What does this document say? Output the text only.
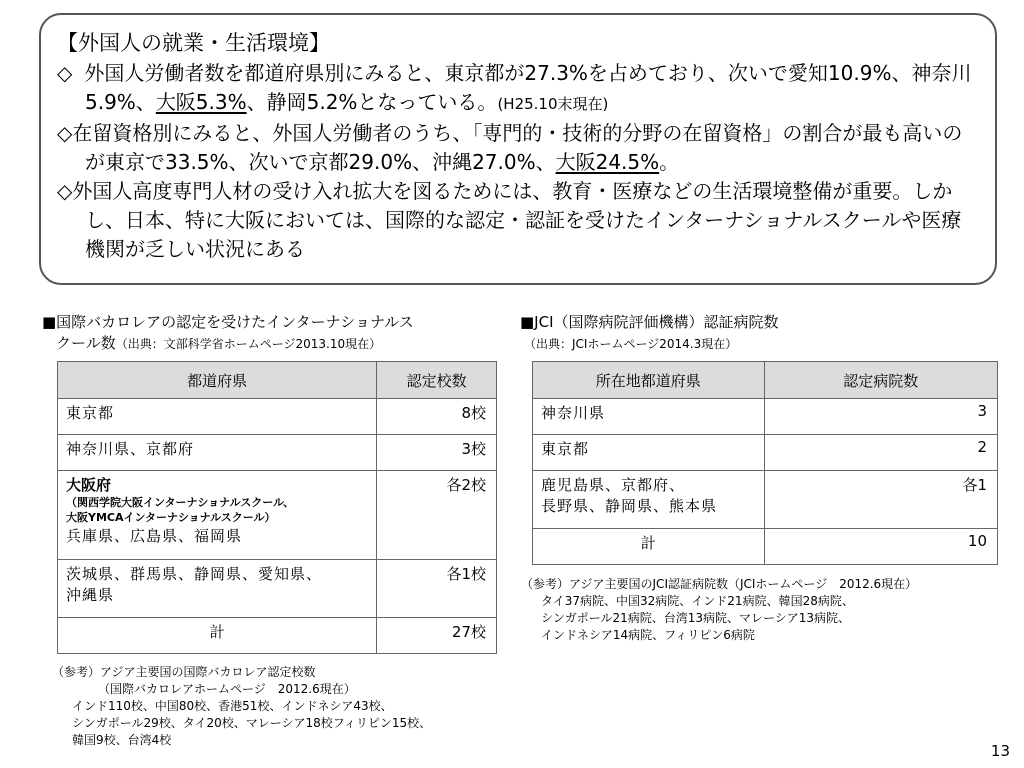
【外国人の就業・生活環境】

◇ 外国人労働者数を都道府県別にみると、東京都が27.3%を占めており、次いで愛知10.9%、神奈川5.9%、大阪5.3%、静岡5.2%となっている。(H25.10末現在)

◇在留資格別にみると、外国人労働者のうち、「専門的・技術的分野の在留資格」の割合が最も高いのが東京で33.5%、次いで京都29.0%、沖縄27.0%、大阪24.5%。

◇外国人高度専門人材の受け入れ拡大を図るためには、教育・医療などの生活環境整備が重要。しかし、日本、特に大阪においては、国際的な認定・認証を受けたインターナショナルスクールや医療機関が乏しい状況にある

■国際バカロレアの認定を受けたインターナショナルス
クール数（出典：文部科学省ホームページ2013.10現在）
都道府県	認定校数
東京都	8校
神奈川県、京都府	3校

大阪府
（関西学院大阪インターナショナルスクール、
大阪YMCAインターナショナルスクール）
兵庫県、広島県、福岡県	各2校

茨城県、群馬県、静岡県、愛知県、
沖縄県	各1校
計	27校
（参考）アジア主要国の国際バカロレア認定校数
（国際バカロレアホームページ　2012.6現在）
インド110校、中国80校、香港51校、インドネシア43校、
シンガポール29校、タイ20校、マレーシア18校フィリピン15校、
韓国9校、台湾4校
■JCI（国際病院評価機構）認証病院数
（出典：JCIホームページ2014.3現在）
所在地都道府県	認定病院数
神奈川県	3
東京都	2

鹿児島県、京都府、
長野県、静岡県、熊本県	各1
計	10
（参考）アジア主要国のJCI認証病院数（JCIホームページ　2012.6現在）
タイ37病院、中国32病院、インド21病院、韓国28病院、
シンガポール21病院、台湾13病院、マレーシア13病院、
インドネシア14病院、フィリピン6病院
13
